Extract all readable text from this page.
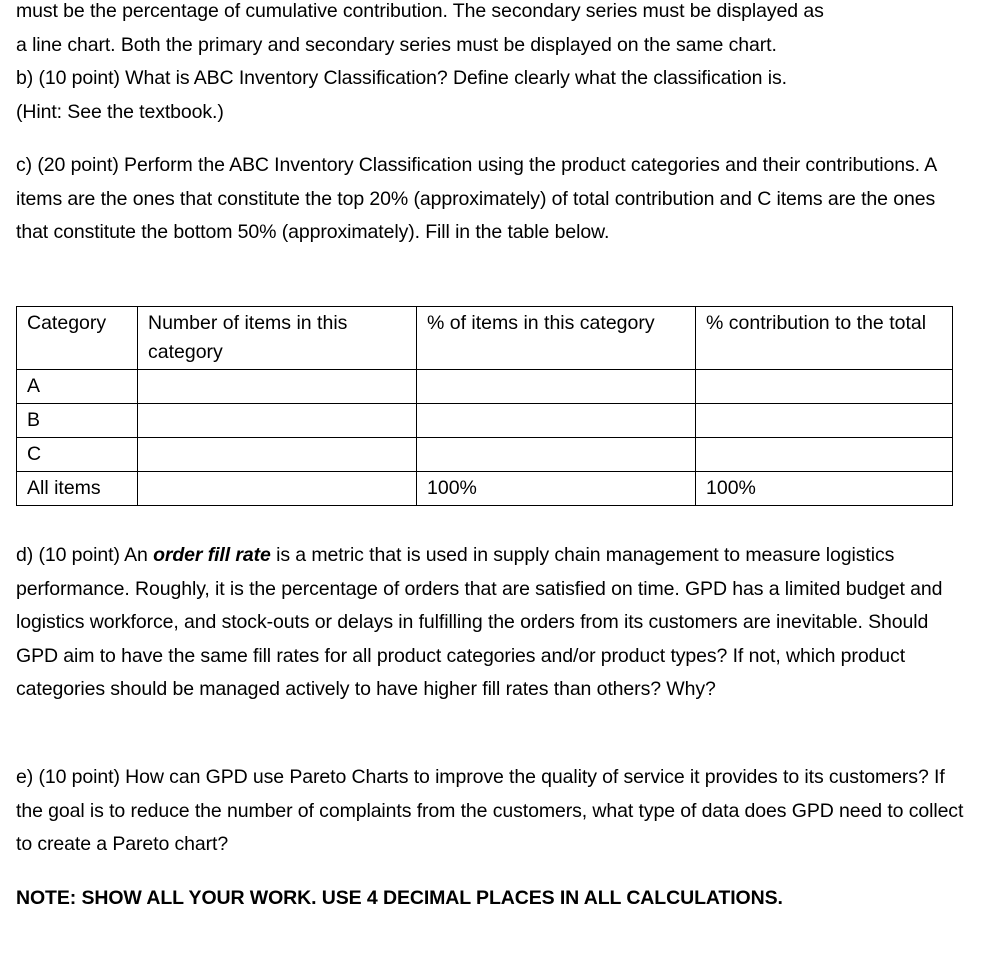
must be the percentage of cumulative contribution. The secondary series must be displayed as

a line chart. Both the primary and secondary series must be displayed on the same chart.

b) (10 point) What is ABC Inventory Classification? Define clearly what the classification is.

(Hint: See the textbook.)

c) (20 point) Perform the ABC Inventory Classification using the product categories and their contributions. A items are the ones that constitute the top 20% (approximately) of total contribution and C items are the ones that constitute the bottom 50% (approximately). Fill in the table below.

Category	Number of items in this category	% of items in this category	% contribution to the total
A			
B			
C			
All items		100%	100%

d) (10 point) An order fill rate is a metric that is used in supply chain management to measure logistics performance. Roughly, it is the percentage of orders that are satisfied on time. GPD has a limited budget and logistics workforce, and stock-outs or delays in fulfilling the orders from its customers are inevitable. Should GPD aim to have the same fill rates for all product categories and/or product types? If not, which product categories should be managed actively to have higher fill rates than others? Why?

e) (10 point) How can GPD use Pareto Charts to improve the quality of service it provides to its customers? If the goal is to reduce the number of complaints from the customers, what type of data does GPD need to collect to create a Pareto chart?

NOTE: SHOW ALL YOUR WORK. USE 4 DECIMAL PLACES IN ALL CALCULATIONS.
